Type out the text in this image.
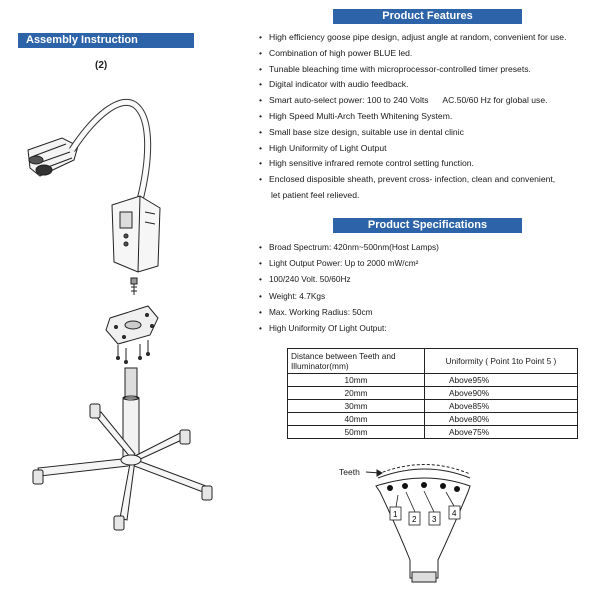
Assembly Instruction Illustration
(2)
Product Features
• High efficiency goose pipe design, adjust angle at random, convenient for use.
• Combination of high power BLUE led.
• Tunable bleaching time with microprocessor-controlled timer presets.
• Digital indicator with audio feedback.
• Smart auto-select power: 100 to 240 Volts      AC.50/60 Hz for global use.
• High Speed Multi-Arch Teeth Whitening System.
• Small base size design, suitable use in dental clinic
• High Uniformity of Light Output
• High sensitive infrared remote control setting function.
• Enclosed disposible sheath, prevent cross- infection, clean and convenient,
let patient feel relieved.
Product Specifications
• Broad Spectrum: 420nm~500nm(Host Lamps)
• Light Output Power: Up to 2000 mW/cm²
• 100/240 Volt. 50/60Hz
• Weight: 4.7Kgs
• Max. Working Radius: 50cm
• High Uniformity Of Light Output:
Distance between Teeth and Illuminator(mm)	Uniformity ( Point 1to Point 5 )
10mm	Above95%
20mm	Above90%
30mm	Above85%
40mm	Above80%
50mm	Above75%
Teeth
1
2 3
4
